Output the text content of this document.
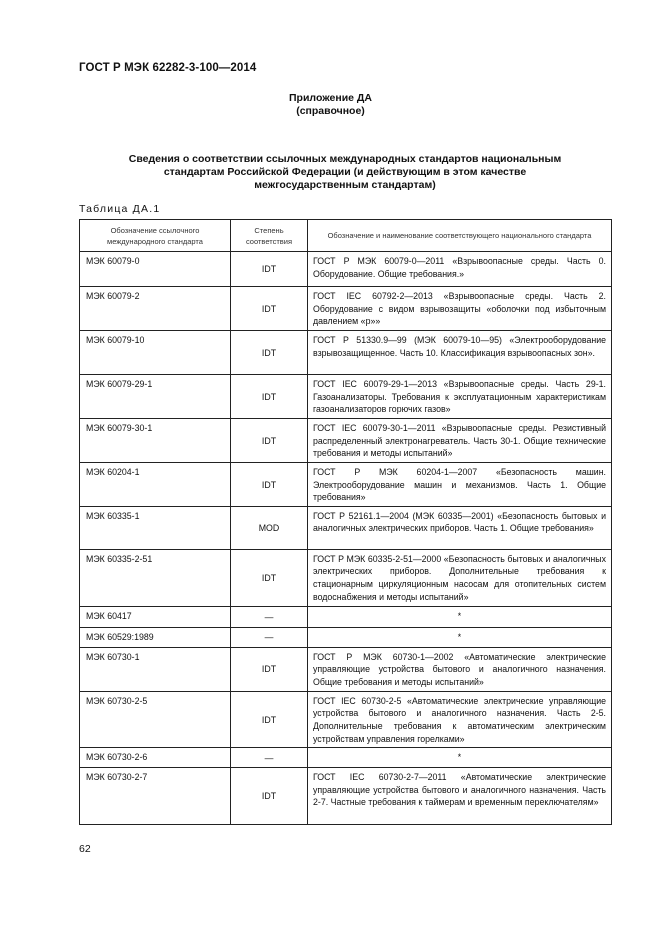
ГОСТ Р МЭК 62282-3-100—2014
Приложение ДА
(справочное)
Сведения о соответствии ссылочных международных стандартов национальным
стандартам Российской Федерации (и действующим в этом качестве
межгосударственным стандартам)
Таблица ДА.1
Обозначение ссылочного международного стандарта	Степень соответствия	Обозначение и наименование соответствующего национального стандарта
МЭК 60079-0	IDT	ГОСТ Р МЭК 60079-0—2011 «Взрывоопасные среды. Часть 0. Оборудование. Общие требования.»
МЭК 60079-2	IDT	ГОСТ IEC 60792-2—2013 «Взрывоопасные среды. Часть 2. Оборудование с видом взрывозащиты «оболочки под избыточным давлением «р»»
МЭК 60079-10	IDT	ГОСТ Р 51330.9—99 (МЭК 60079-10—95) «Электрооборудование взрывозащищенное. Часть 10. Классификация взрывоопасных зон».
МЭК 60079-29-1	IDT	ГОСТ IEC 60079-29-1—2013 «Взрывоопасные среды. Часть 29-1. Газоанализаторы. Требования к эксплуатационным характеристикам газоанализаторов горючих газов»
МЭК 60079-30-1	IDT	ГОСТ IEC 60079-30-1—2011 «Взрывоопасные среды. Резистивный распределенный электронагреватель. Часть 30-1. Общие технические требования и методы испытаний»
МЭК 60204-1	IDT	ГОСТ Р МЭК 60204-1—2007 «Безопасность машин. Электрооборудование машин и механизмов. Часть 1. Общие требования»
МЭК 60335-1	MOD	ГОСТ Р 52161.1—2004 (МЭК 60335—2001) «Безопасность бытовых и аналогичных электрических приборов. Часть 1. Общие требования»
МЭК 60335-2-51	IDT	ГОСТ Р МЭК 60335-2-51—2000 «Безопасность бытовых и аналогичных электрических приборов. Дополнительные требования к стационарным циркуляционным насосам для отопительных систем водоснабжения и методы испытаний»
МЭК 60417	—	*
МЭК 60529:1989	—	*
МЭК 60730-1	IDT	ГОСТ Р МЭК 60730-1—2002 «Автоматические электрические управляющие устройства бытового и аналогичного назначения. Общие требования и методы испытаний»
МЭК 60730-2-5	IDT	ГОСТ IEC 60730-2-5 «Автоматические электрические управляющие устройства бытового и аналогичного назначения. Часть 2-5. Дополнительные требования к автоматическим электрическим устройствам управления горелками»
МЭК 60730-2-6	—	*
МЭК 60730-2-7	IDT	ГОСТ IEC 60730-2-7—2011 «Автоматические электрические управляющие устройства бытового и аналогичного назначения. Часть 2-7. Частные требования к таймерам и временным переключателям»
62
